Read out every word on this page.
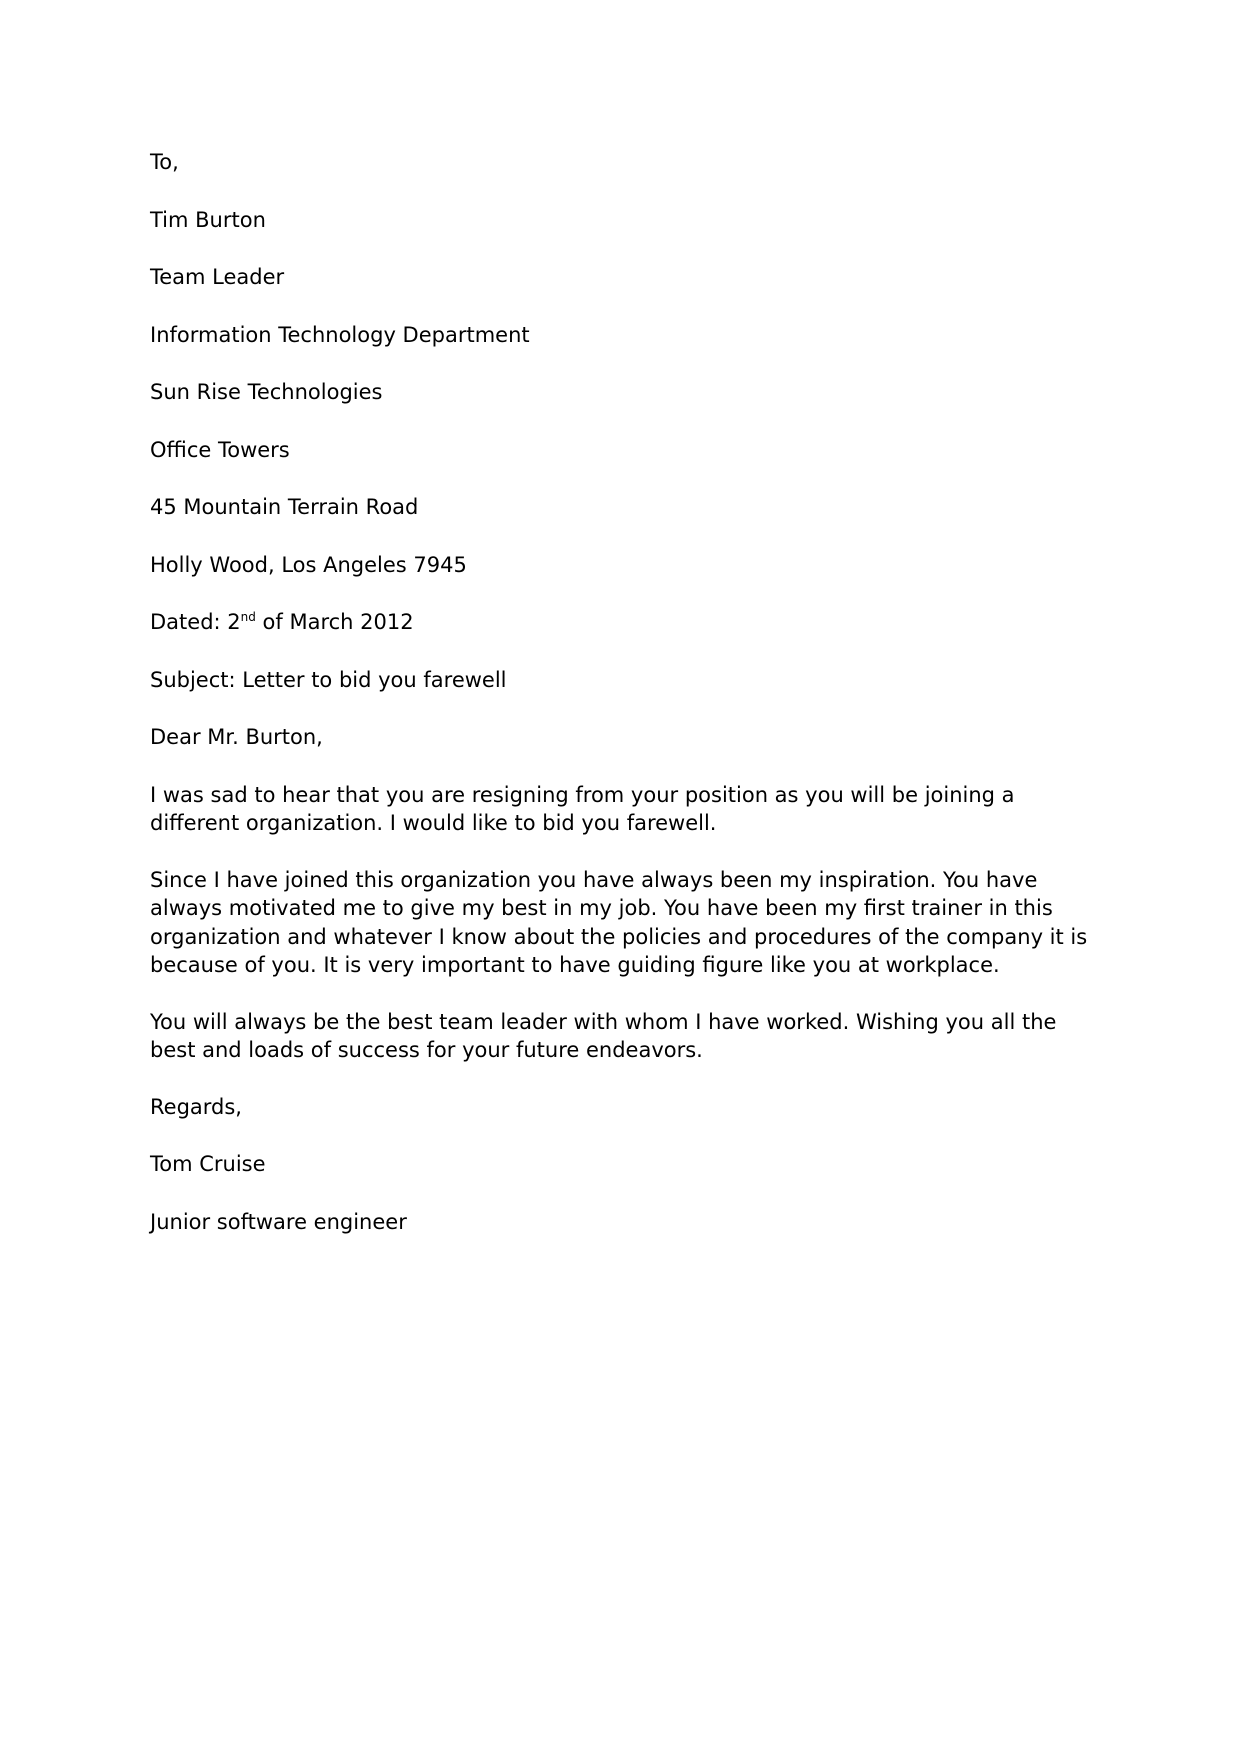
To,
Tim Burton
Team Leader
Information Technology Department
Sun Rise Technologies
Office Towers
45 Mountain Terrain Road
Holly Wood, Los Angeles 7945
Dated: 2nd of March 2012
Subject: Letter to bid you farewell
Dear Mr. Burton,

I was sad to hear that you are resigning from your position as you will be joining a different organization. I would like to bid you farewell.

Since I have joined this organization you have always been my inspiration. You have always motivated me to give my best in my job. You have been my first trainer in this organization and whatever I know about the policies and procedures of the company it is because of you. It is very important to have guiding figure like you at workplace.

You will always be the best team leader with whom I have worked. Wishing you all the best and loads of success for your future endeavors.

Regards,
Tom Cruise
Junior software engineer
